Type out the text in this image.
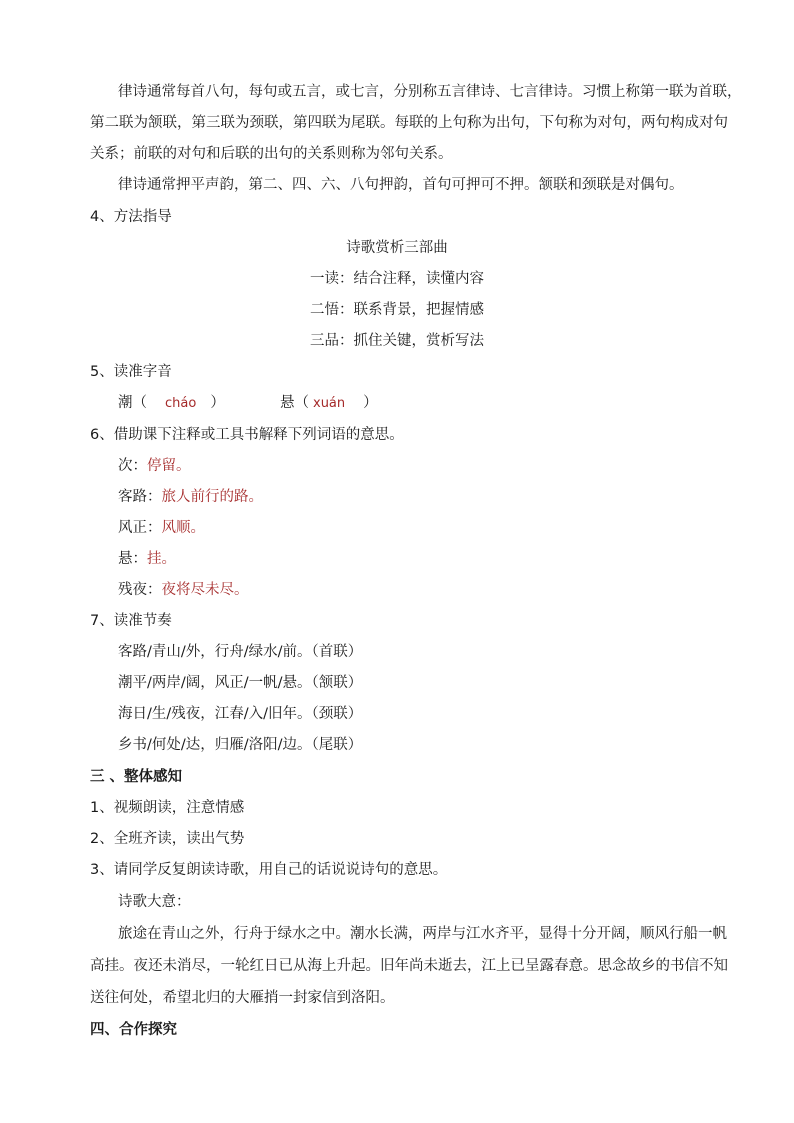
律诗通常每首八句，每句或五言，或七言，分别称五言律诗、七言律诗。习惯上称第一联为首联，
第二联为颔联，第三联为颈联，第四联为尾联。每联的上句称为出句，下句称为对句，两句构成对句
关系；前联的对句和后联的出句的关系则称为邻句关系。
律诗通常押平声韵，第二、四、六、八句押韵，首句可押可不押。颔联和颈联是对偶句。
4、方法指导
诗歌赏析三部曲
一读：结合注释，读懂内容
二悟：联系背景，把握情感
三品：抓住关键，赏析写法
5、读准字音
潮（ cháo ）	悬（ xuán ）
6、借助课下注释或工具书解释下列词语的意思。
次：停留。
客路：旅人前行的路。
风正：风顺。
悬：挂。
残夜：夜将尽未尽。
7、读准节奏
客路/青山/外，行舟/绿水/前。（首联）
潮平/两岸/阔，风正/一帆/悬。（颔联）
海日/生/残夜，江春/入/旧年。（颈联）
乡书/何处/达，归雁/洛阳/边。（尾联）
三 、整体感知
1、视频朗读，注意情感
2、全班齐读，读出气势
3、请同学反复朗读诗歌，用自己的话说说诗句的意思。
诗歌大意：
旅途在青山之外，行舟于绿水之中。潮水长满，两岸与江水齐平，显得十分开阔，顺风行船一帆
高挂。夜还未消尽，一轮红日已从海上升起。旧年尚未逝去，江上已呈露春意。思念故乡的书信不知
送往何处，希望北归的大雁捎一封家信到洛阳。
四、合作探究
